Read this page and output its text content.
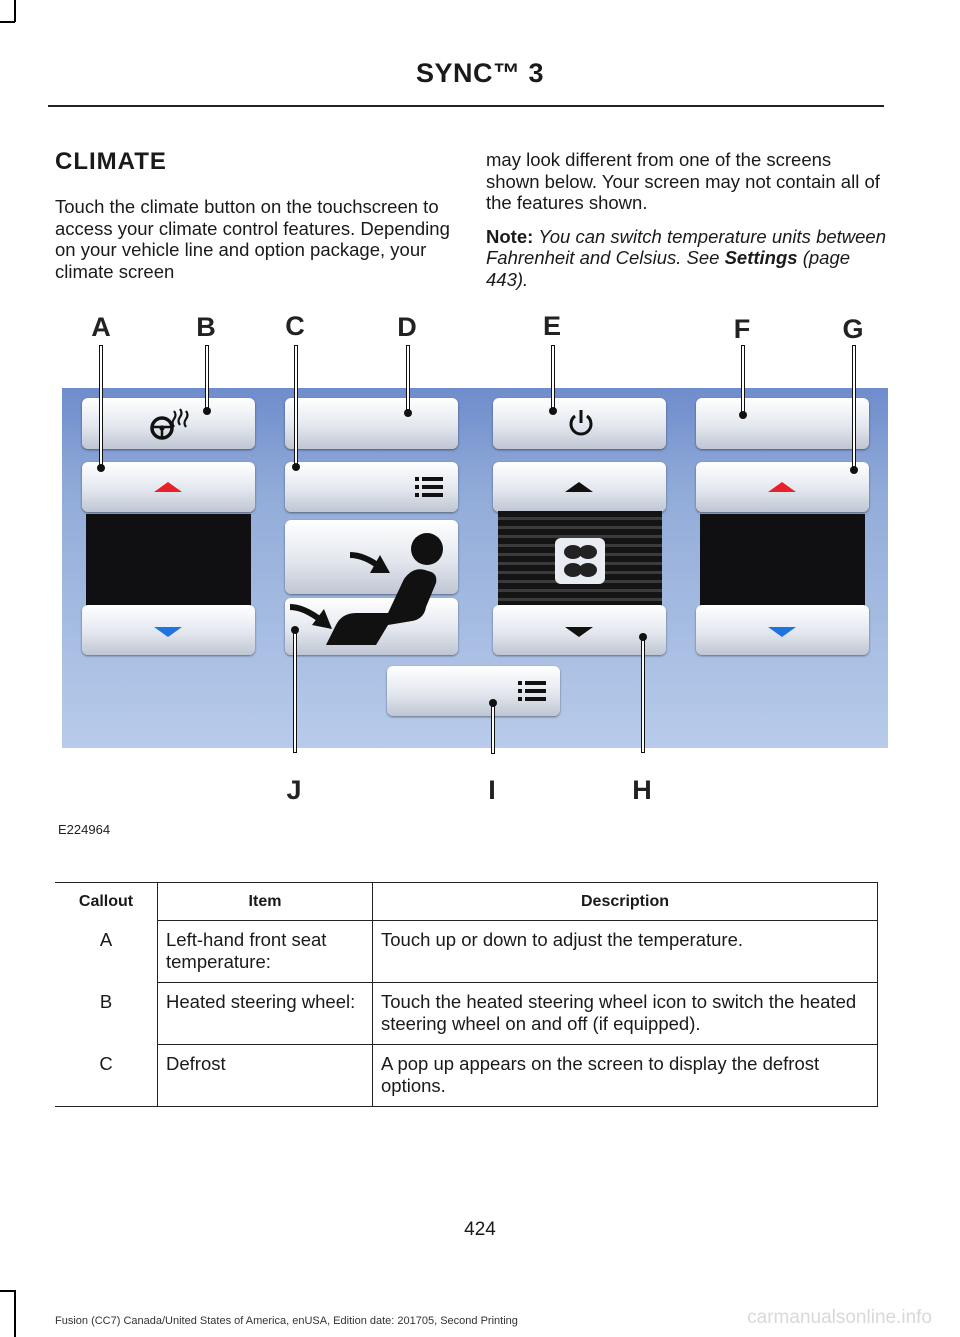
SYNC™ 3
CLIMATE

Touch the climate button on the touchscreen to access your climate control features. Depending on your vehicle line and option package, your climate screen

may look different from one of the screens shown below. Your screen may not contain all of the features shown.

Note: You can switch temperature units between Fahrenheit and Celsius. See Settings (page 443).

A	B	C	D	E	F	G
J	I	H
E224964
Callout	Item	Description
A	Left-hand front seat temperature:	Touch up or down to adjust the temperature.
B	Heated steering wheel:	Touch the heated steering wheel icon to switch the heated steering wheel on and off (if equipped).
C	Defrost	A pop up appears on the screen to display the defrost options.
424
Fusion (CC7) Canada/United States of America, enUSA, Edition date: 201705, Second Printing	carmanualsonline.info
